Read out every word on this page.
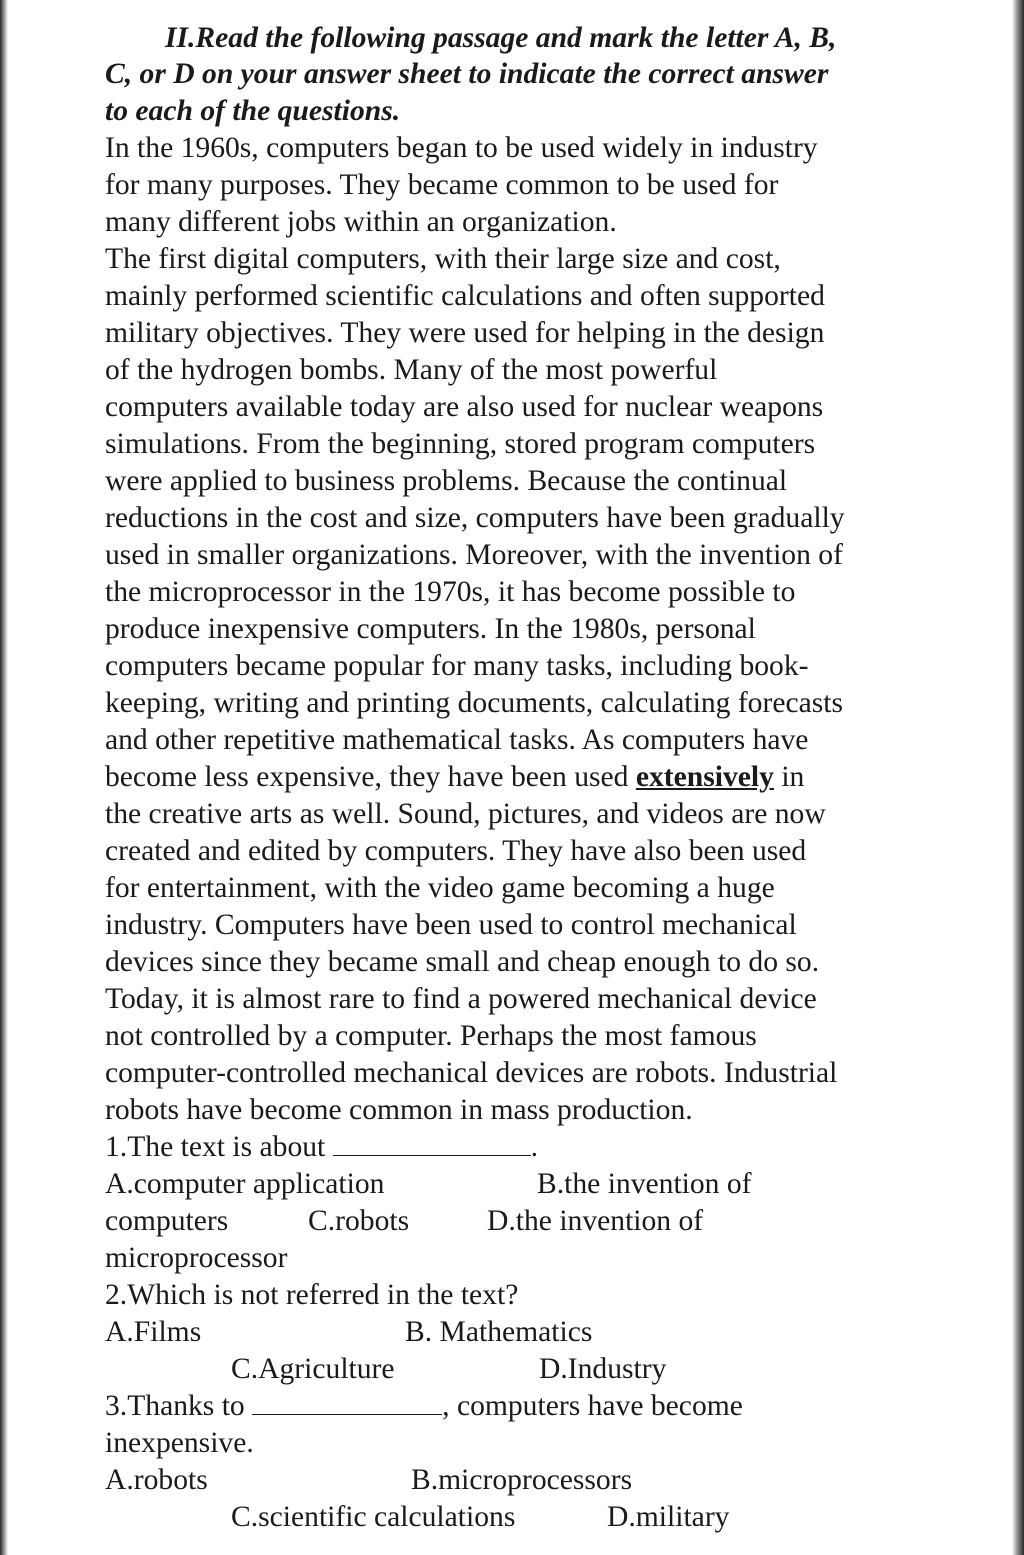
II.Read the following passage and mark the letter A, B,
C, or D on your answer sheet to indicate the correct answer
to each of the questions.
In the 1960s, computers began to be used widely in industry
for many purposes. They became common to be used for
many different jobs within an organization.
The first digital computers, with their large size and cost,
mainly performed scientific calculations and often supported
military objectives. They were used for helping in the design
of the hydrogen bombs. Many of the most powerful
computers available today are also used for nuclear weapons
simulations. From the beginning, stored program computers
were applied to business problems. Because the continual
reductions in the cost and size, computers have been gradually
used in smaller organizations. Moreover, with the invention of
the microprocessor in the 1970s, it has become possible to
produce inexpensive computers. In the 1980s, personal
computers became popular for many tasks, including book-
keeping, writing and printing documents, calculating forecasts
and other repetitive mathematical tasks. As computers have
become less expensive, they have been used extensively in
the creative arts as well. Sound, pictures, and videos are now
created and edited by computers. They have also been used
for entertainment, with the video game becoming a huge
industry. Computers have been used to control mechanical
devices since they became small and cheap enough to do so.
Today, it is almost rare to find a powered mechanical device
not controlled by a computer. Perhaps the most famous
computer-controlled mechanical devices are robots. Industrial
robots have become common in mass production.
1.The text is about	.
A.computer application	B.the invention of
computers	C.robots	D.the invention of
microprocessor
2.Which is not referred in the text?
A.Films	B. Mathematics
C.Agriculture	D.Industry
3.Thanks to	, computers have become
inexpensive.
A.robots	B.microprocessors
C.scientific calculations	D.military
